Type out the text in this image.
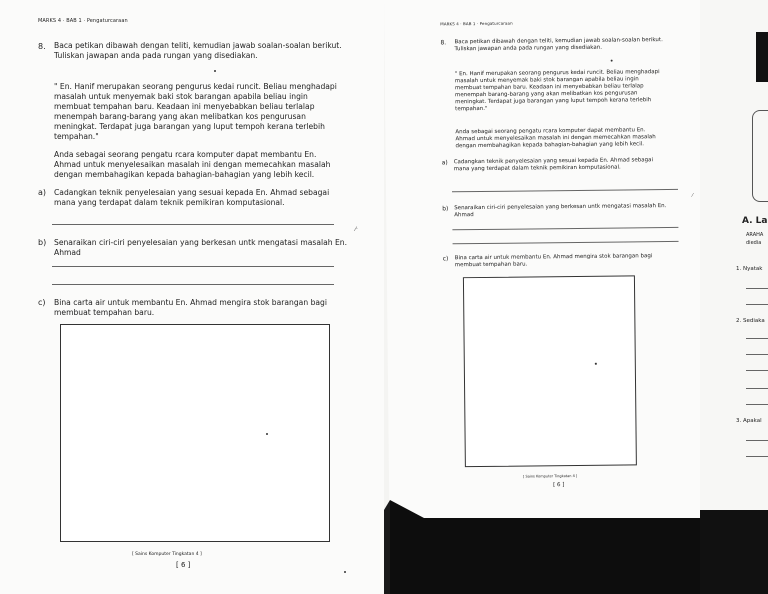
MARKS 4 · BAB 1 · Pengaturcaraan
8. Baca petikan dibawah dengan teliti, kemudian jawab soalan-soalan berikut.

Tuliskan jawapan anda pada rungan yang disediakan.

" En. Hanif merupakan seorang pengurus kedai runcit. Beliau menghadapi

masalah untuk menyemak baki stok barangan apabila beliau ingin

membuat tempahan baru. Keadaan ini menyebabkan beliau terlalap

menempah barang-barang yang akan melibatkan kos pengurusan

meningkat. Terdapat juga barangan yang luput tempoh kerana terlebih

tempahan."

Anda sebagai seorang pengatu rcara komputer dapat membantu En.

Ahmad untuk menyelesaikan masalah ini dengan memecahkan masalah

dengan membahagikan kepada bahagian-bahagian yang lebih kecil.

a) Cadangkan teknik penyelesaian yang sesuai kepada En. Ahmad sebagai

mana yang terdapat dalam teknik pemikiran komputasional.

⁄·
b) Senaraikan ciri-ciri penyelesaian yang berkesan untk mengatasi masalah En.

Ahmad

c) Bina carta air untuk membantu En. Ahmad mengira stok barangan bagi

membuat tempahan baru.

[ Sains Komputer Tingkatan 4 ]
[ 6 ]
MARKS 4 · BAB 1 · Pengaturcaraan
8. Baca petikan dibawah dengan teliti, kemudian jawab soalan-soalan berikut.

Tuliskan jawapan anda pada rungan yang disediakan.

" En. Hanif merupakan seorang pengurus kedai runcit. Beliau menghadapi

masalah untuk menyemak baki stok barangan apabila beliau ingin

membuat tempahan baru. Keadaan ini menyebabkan beliau terlalap

menempah barang-barang yang akan melibatkan kos pengurusan

meningkat. Terdapat juga barangan yang luput tempoh kerana terlebih

tempahan."

Anda sebagai seorang pengatu rcara komputer dapat membantu En.

Ahmad untuk menyelesaikan masalah ini dengan memecahkan masalah

dengan membahagikan kepada bahagian-bahagian yang lebih kecil.

a) Cadangkan teknik penyelesaian yang sesuai kepada En. Ahmad sebagai

mana yang terdapat dalam teknik pemikiran komputasional.

⁄
b) Senaraikan ciri-ciri penyelesaian yang berkesan untk mengatasi masalah En.

Ahmad

c) Bina carta air untuk membantu En. Ahmad mengira stok barangan bagi

membuat tempahan baru.

[ Sains Komputer Tingkatan 4 ]
[ 6 ]
A. La
ARAHA
diedia
1. Nyatak
2. Sediaka
3. Apakal
